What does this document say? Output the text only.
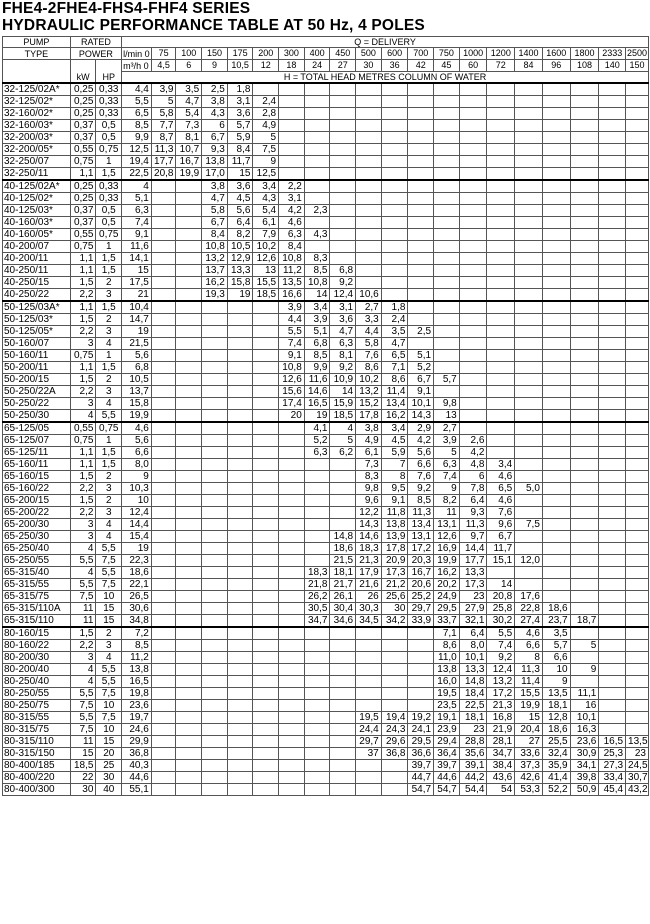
FHE4-2FHE4-FHS4-FHF4 SERIES
HYDRAULIC PERFORMANCE TABLE AT 50 Hz, 4 POLES
PUMP	RATED		Q = DELIVERY																			
TYPE	POWER		l/min 0	75	100	150	175	200	300	400	450	500	600	700	750	1000	1200	1400	1600	1800	2333	2500
	kW	HP	m³/h 0	4,5	6	9	10,5	12	18	24	27	30	36	42	45	60	72	84	96	108	140	150
			H = TOTAL HEAD METRES COLUMN OF WATER																			
32-125/02A*	0,25	0,33	4,4	3,9	3,5	2,5	1,8															
32-125/02*	0,25	0,33	5,5	5	4,7	3,8	3,1	2,4														
32-160/02*	0,25	0,33	6,5	5,8	5,4	4,3	3,6	2,8														
32-160/03*	0,37	0,5	8,5	7,7	7,3	6	5,7	4,9														
32-200/03*	0,37	0,5	9,9	8,7	8,1	6,7	5,9	5														
32-200/05*	0,55	0,75	12,5	11,3	10,7	9,3	8,4	7,5														
32-250/07	0,75	1	19,4	17,7	16,7	13,8	11,7	9														
32-250/11	1,1	1,5	22,5	20,8	19,9	17,0	15	12,5														
40-125/02A*	0,25	0,33	4			3,8	3,6	3,4	2,2													
40-125/02*	0,25	0,33	5,1			4,7	4,5	4,3	3,1													
40-125/03*	0,37	0,5	6,3			5,8	5,6	5,4	4,2	2,3												
40-160/03*	0,37	0,5	7,4			6,7	6,4	6,1	4,6													
40-160/05*	0,55	0,75	9,1			8,4	8,2	7,9	6,3	4,3												
40-200/07	0,75	1	11,6			10,8	10,5	10,2	8,4													
40-200/11	1,1	1,5	14,1			13,2	12,9	12,6	10,8	8,3												
40-250/11	1,1	1,5	15			13,7	13,3	13	11,2	8,5	6,8											
40-250/15	1,5	2	17,5			16,2	15,8	15,5	13,5	10,8	9,2											
40-250/22	2,2	3	21			19,3	19	18,5	16,6	14	12,4	10,6										
50-125/03A*	1,1	1,5	10,4						3,9	3,4	3,1	2,7	1,8									
50-125/03*	1,5	2	14,7						4,4	3,9	3,6	3,3	2,4									
50-125/05*	2,2	3	19						5,5	5,1	4,7	4,4	3,5	2,5								
50-160/07	3	4	21,5						7,4	6,8	6,3	5,8	4,7									
50-160/11	0,75	1	5,6						9,1	8,5	8,1	7,6	6,5	5,1								
50-200/11	1,1	1,5	6,8						10,8	9,9	9,2	8,6	7,1	5,2								
50-200/15	1,5	2	10,5						12,6	11,6	10,9	10,2	8,6	6,7	5,7							
50-250/22A	2,2	3	13,7						15,6	14,6	14	13,2	11,4	9,1								
50-250/22	3	4	15,8						17,4	16,5	15,9	15,2	13,4	10,1	9,8							
50-250/30	4	5,5	19,9						20	19	18,5	17,8	16,2	14,3	13							
65-125/05	0,55	0,75	4,6							4,1	4	3,8	3,4	2,9	2,7							
65-125/07	0,75	1	5,6							5,2	5	4,9	4,5	4,2	3,9	2,6						
65-125/11	1,1	1,5	6,6							6,3	6,2	6,1	5,9	5,6	5	4,2						
65-160/11	1,1	1,5	8,0									7,3	7	6,6	6,3	4,8	3,4					
65-160/15	1,5	2	9									8,3	8	7,6	7,4	6	4,6					
65-160/22	2,2	3	10,3									9,8	9,5	9,2	9	7,8	6,5	5,0				
65-200/15	1,5	2	10									9,6	9,1	8,5	8,2	6,4	4,6					
65-200/22	2,2	3	12,4									12,2	11,8	11,3	11	9,3	7,6					
65-200/30	3	4	14,4									14,3	13,8	13,4	13,1	11,3	9,6	7,5				
65-250/30	3	4	15,4								14,8	14,6	13,9	13,1	12,6	9,7	6,7					
65-250/40	4	5,5	19								18,6	18,3	17,8	17,2	16,9	14,4	11,7					
65-250/55	5,5	7,5	22,3								21,5	21,3	20,9	20,3	19,9	17,7	15,1	12,0				
65-315/40	4	5,5	18,6							18,3	18,1	17,9	17,3	16,7	16,2	13,3						
65-315/55	5,5	7,5	22,1							21,8	21,7	21,6	21,2	20,6	20,2	17,3	14					
65-315/75	7,5	10	26,5							26,2	26,1	26	25,6	25,2	24,9	23	20,8	17,6				
65-315/110A	11	15	30,6							30,5	30,4	30,3	30	29,7	29,5	27,9	25,8	22,8	18,6			
65-315/110	11	15	34,8							34,7	34,6	34,5	34,2	33,9	33,7	32,1	30,2	27,4	23,7	18,7		
80-160/15	1,5	2	7,2												7,1	6,4	5,5	4,6	3,5			
80-160/22	2,2	3	8,5												8,6	8,0	7,4	6,6	5,7	5		
80-200/30	3	4	11,2												11,0	10,1	9,2	8	6,6			
80-200/40	4	5,5	13,8												13,8	13,3	12,4	11,3	10	9		
80-250/40	4	5,5	16,5												16,0	14,8	13,2	11,4	9			
80-250/55	5,5	7,5	19,8												19,5	18,4	17,2	15,5	13,5	11,1		
80-250/75	7,5	10	23,6												23,5	22,5	21,3	19,9	18,1	16		
80-315/55	5,5	7,5	19,7									19,5	19,4	19,2	19,1	18,1	16,8	15	12,8	10,1		
80-315/75	7,5	10	24,6									24,4	24,3	24,1	23,9	23	21,9	20,4	18,6	16,3		
80-315/110	11	15	29,9									29,7	29,6	29,5	29,4	28,8	28,1	27	25,5	23,6	16,5	13,5
80-315/150	15	20	36,8									37	36,8	36,6	36,4	35,6	34,7	33,6	32,4	30,9	25,3	23
80-400/185	18,5	25	40,3											39,7	39,7	39,1	38,4	37,3	35,9	34,1	27,3	24,5
80-400/220	22	30	44,6											44,7	44,6	44,2	43,6	42,6	41,4	39,8	33,4	30,7
80-400/300	30	40	55,1											54,7	54,7	54,4	54	53,3	52,2	50,9	45,4	43,2
